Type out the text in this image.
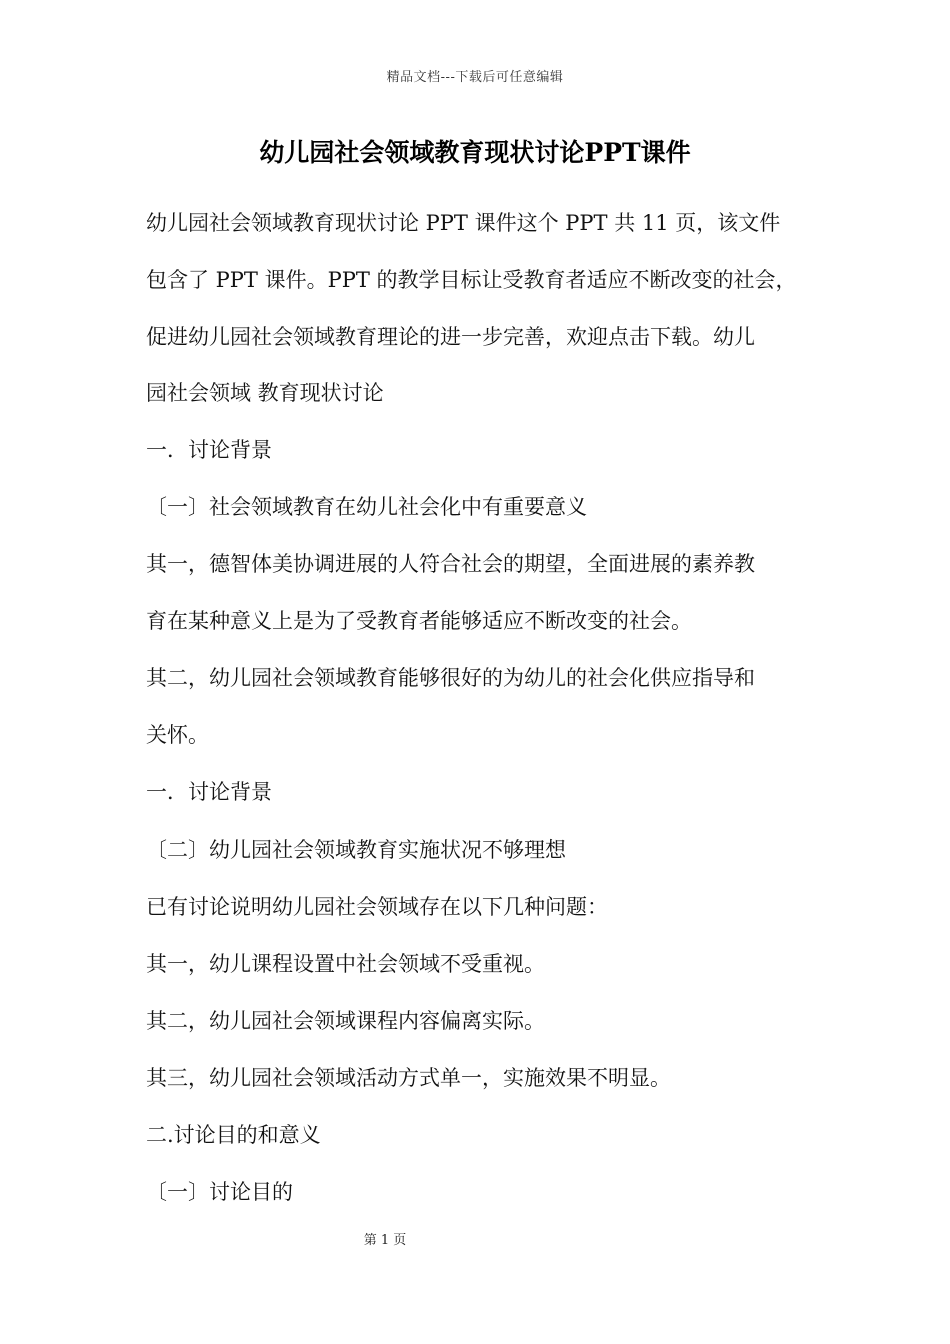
精品文档---下载后可任意编辑
幼儿园社会领域教育现状讨论PPT课件
幼儿园社会领域教育现状讨论 PPT 课件这个 PPT 共 11 页，该文件
包含了 PPT 课件。PPT 的教学目标让受教育者适应不断改变的社会，
促进幼儿园社会领域教育理论的进一步完善，欢迎点击下载。幼儿
园社会领域 教育现状讨论
一．讨论背景
〔一〕社会领域教育在幼儿社会化中有重要意义
其一，德智体美协调进展的人符合社会的期望，全面进展的素养教
育在某种意义上是为了受教育者能够适应不断改变的社会。
其二，幼儿园社会领域教育能够很好的为幼儿的社会化供应指导和
关怀。
一．讨论背景
〔二〕幼儿园社会领域教育实施状况不够理想
已有讨论说明幼儿园社会领域存在以下几种问题：
其一，幼儿课程设置中社会领域不受重视。
其二，幼儿园社会领域课程内容偏离实际。
其三，幼儿园社会领域活动方式单一，实施效果不明显。
二.讨论目的和意义
〔一〕讨论目的
第 1 页
